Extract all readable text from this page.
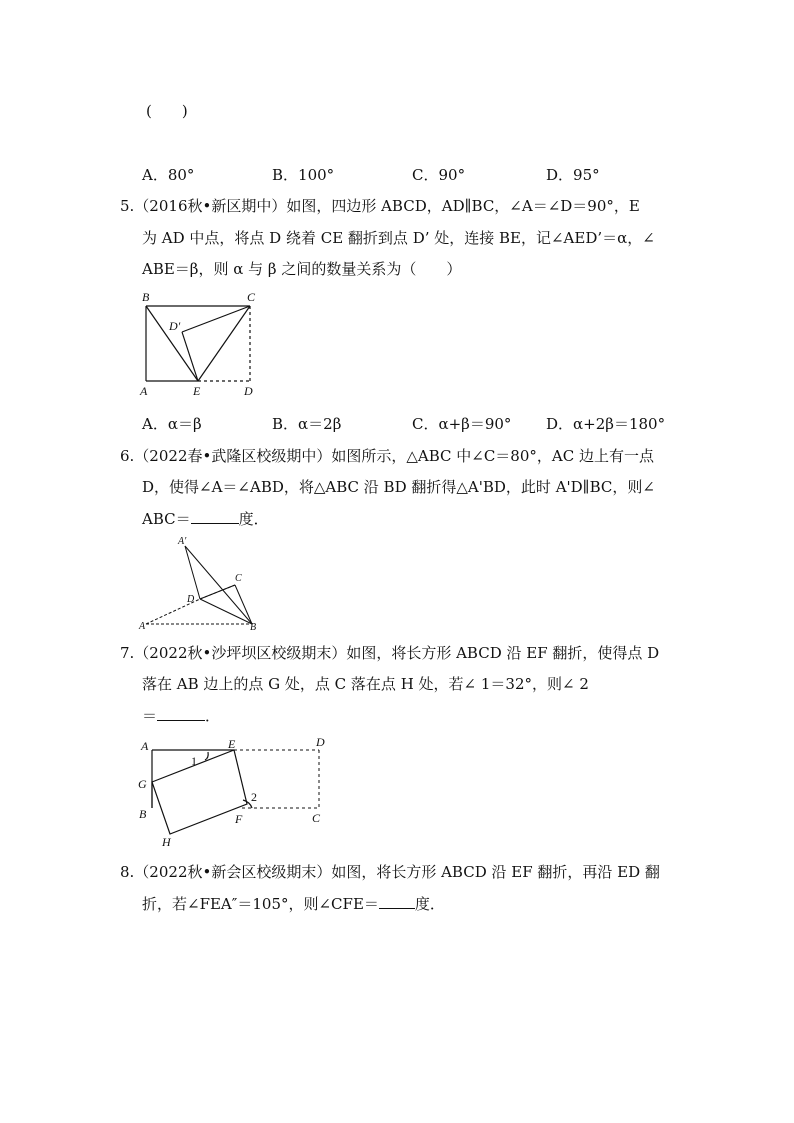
(　　)
A．80°	B．100°	C．90°	D．95°
5.（2016秋•新区期中）如图，四边形 ABCD，AD∥BC，∠A＝∠D＝90°，E
为 AD 中点，将点 D 绕着 CE 翻折到点 D’ 处，连接 BE，记∠AED’＝α，∠
ABE＝β，则 α 与 β 之间的数量关系为（　　）
B	C
D′
A	E	D
A．α＝β	B．α＝2β	C．α+β＝90° D．α+2β＝180°
6.（2022春•武隆区校级期中）如图所示，△ABC 中∠C＝80°，AC 边上有一点
D，使得∠A＝∠ABD，将△ABC 沿 BD 翻折得△A'BD，此时 A'D∥BC，则∠
ABC＝	度．
A′
C
D
A	B
7.（2022秋•沙坪坝区校级期末）如图，将长方形 ABCD 沿 EF 翻折，使得点 D
落在 AB 边上的点 G 处，点 C 落在点 H 处，若∠ 1＝32°，则∠ 2
＝	．
A	E	D
1
G
2
B	F	C
H
8.（2022秋•新会区校级期末）如图，将长方形 ABCD 沿 EF 翻折，再沿 ED 翻
折，若∠FEA″＝105°，则∠CFE＝ 度．
